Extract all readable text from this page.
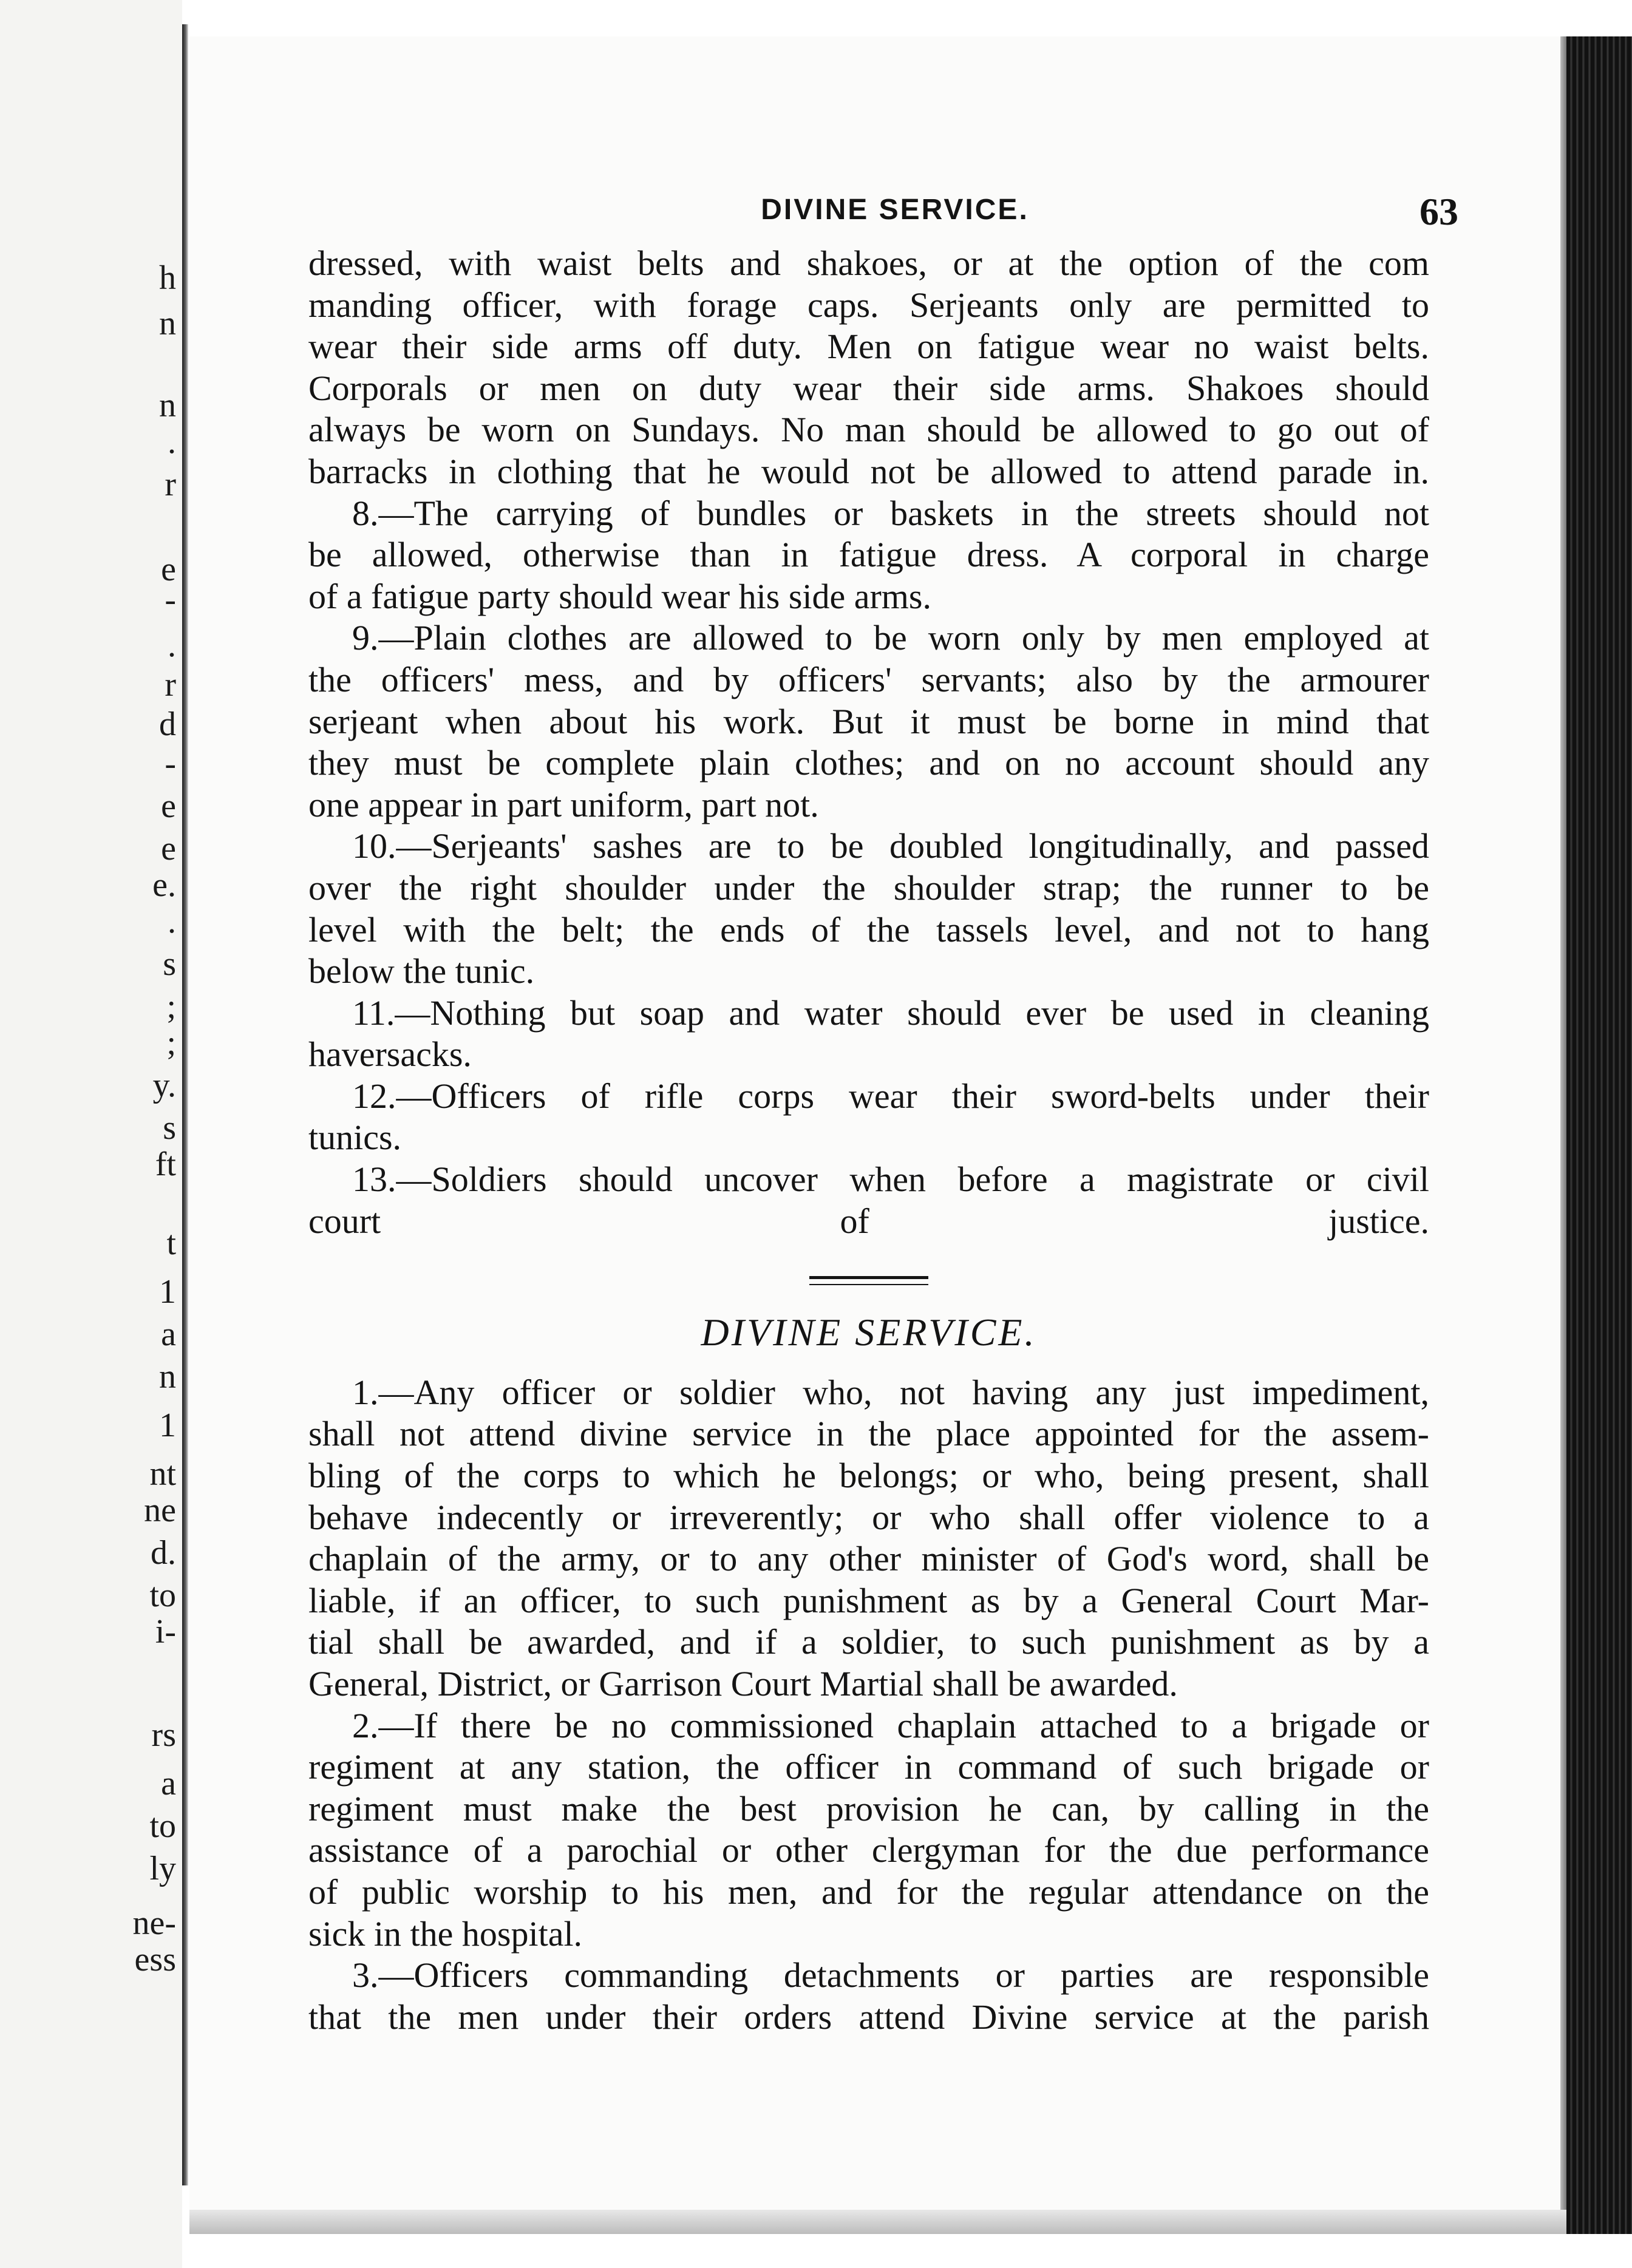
h
n
n
.
r
e
-
.
r
d
-
e
e
e.
.
s
;
;
y.
s
ft
t
1
a
n
1
nt
ne
d.
to
i-
rs
a
to
ly
ne-
ess
DIVINE SERVICE.	63

dressed, with waist belts and shakoes, or at the option of the com
manding officer, with forage caps. Serjeants only are permitted to
wear their side arms off duty. Men on fatigue wear no waist belts.
Corporals or men on duty wear their side arms. Shakoes should
always be worn on Sundays. No man should be allowed to go out of
barracks in clothing that he would not be allowed to attend parade in.

8.—The carrying of bundles or baskets in the streets should not
be allowed, otherwise than in fatigue dress. A corporal in charge
of a fatigue party should wear his side arms.

9.—Plain clothes are allowed to be worn only by men employed at
the officers' mess, and by officers' servants; also by the armourer
serjeant when about his work. But it must be borne in mind that
they must be complete plain clothes; and on no account should any
one appear in part uniform, part not.

10.—Serjeants' sashes are to be doubled longitudinally, and passed
over the right shoulder under the shoulder strap; the runner to be
level with the belt; the ends of the tassels level, and not to hang
below the tunic.

11.—Nothing but soap and water should ever be used in cleaning
haversacks.

12.—Officers of rifle corps wear their sword-belts under their
tunics.

13.—Soldiers should uncover when before a magistrate or civil
court of justice.

DIVINE SERVICE.

1.—Any officer or soldier who, not having any just impediment,
shall not attend divine service in the place appointed for the assem-
bling of the corps to which he belongs; or who, being present, shall
behave indecently or irreverently; or who shall offer violence to a
chaplain of the army, or to any other minister of God's word, shall be
liable, if an officer, to such punishment as by a General Court Mar-
tial shall be awarded, and if a soldier, to such punishment as by a
General, District, or Garrison Court Martial shall be awarded.

2.—If there be no commissioned chaplain attached to a brigade or
regiment at any station, the officer in command of such brigade or
regiment must make the best provision he can, by calling in the
assistance of a parochial or other clergyman for the due performance
of public worship to his men, and for the regular attendance on the
sick in the hospital.

3.—Officers commanding detachments or parties are responsible
that the men under their orders attend Divine service at the parish
